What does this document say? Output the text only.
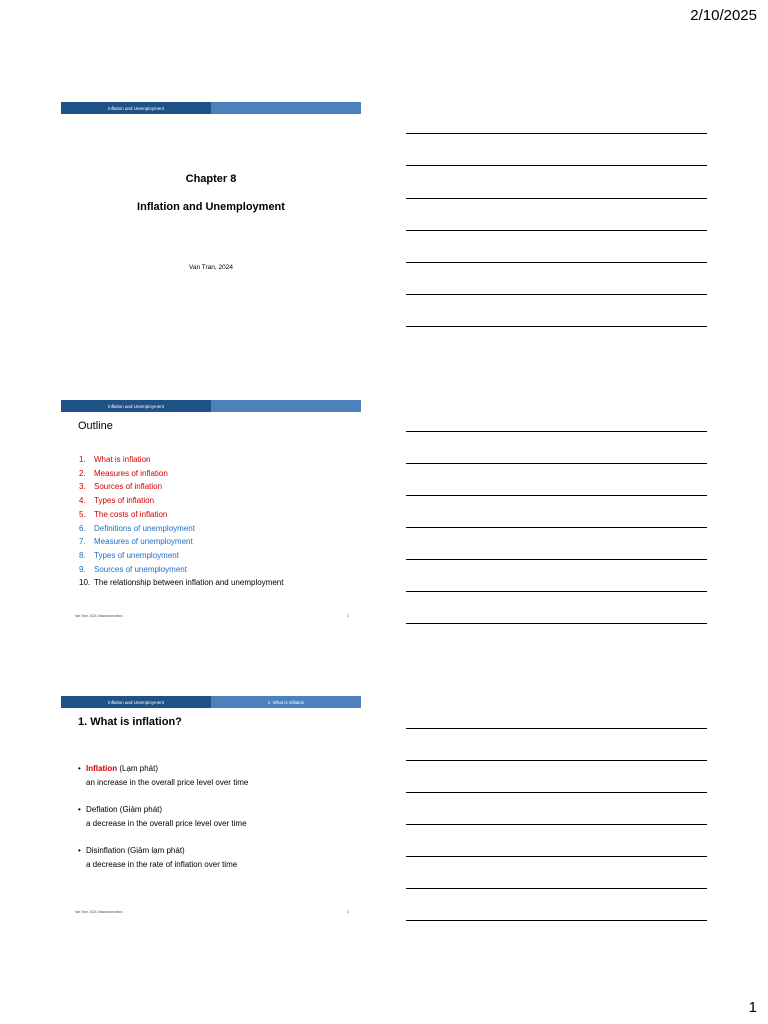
2/10/2025
1
Inflation and Unemployment
Chapter 8
Inflation and Unemployment
Van Tran, 2024
Inflation and Unemployment
Outline
1.	What is inflation
2.	Measures of inflation
3.	Sources of inflation
4.	Types of inflation
5.	The costs of inflation
6.	Definitions of unemployment
7.	Measures of unemployment
8.	Types of unemployment
9.	Sources of unemployment
10. The relationship between inflation and unemployment
Van Tran, 2024, Macroeconomics	2
Inflation and Unemployment	1. What is inflation
1. What is inflation?
• Inflation (Lạm phát)
an increase in the overall price level over time
• Deflation (Giảm phát)
a decrease in the overall price level over time
• Disinflation (Giảm lạm phát)
a decrease in the rate of inflation over time
Van Tran, 2024, Macroeconomics	3
